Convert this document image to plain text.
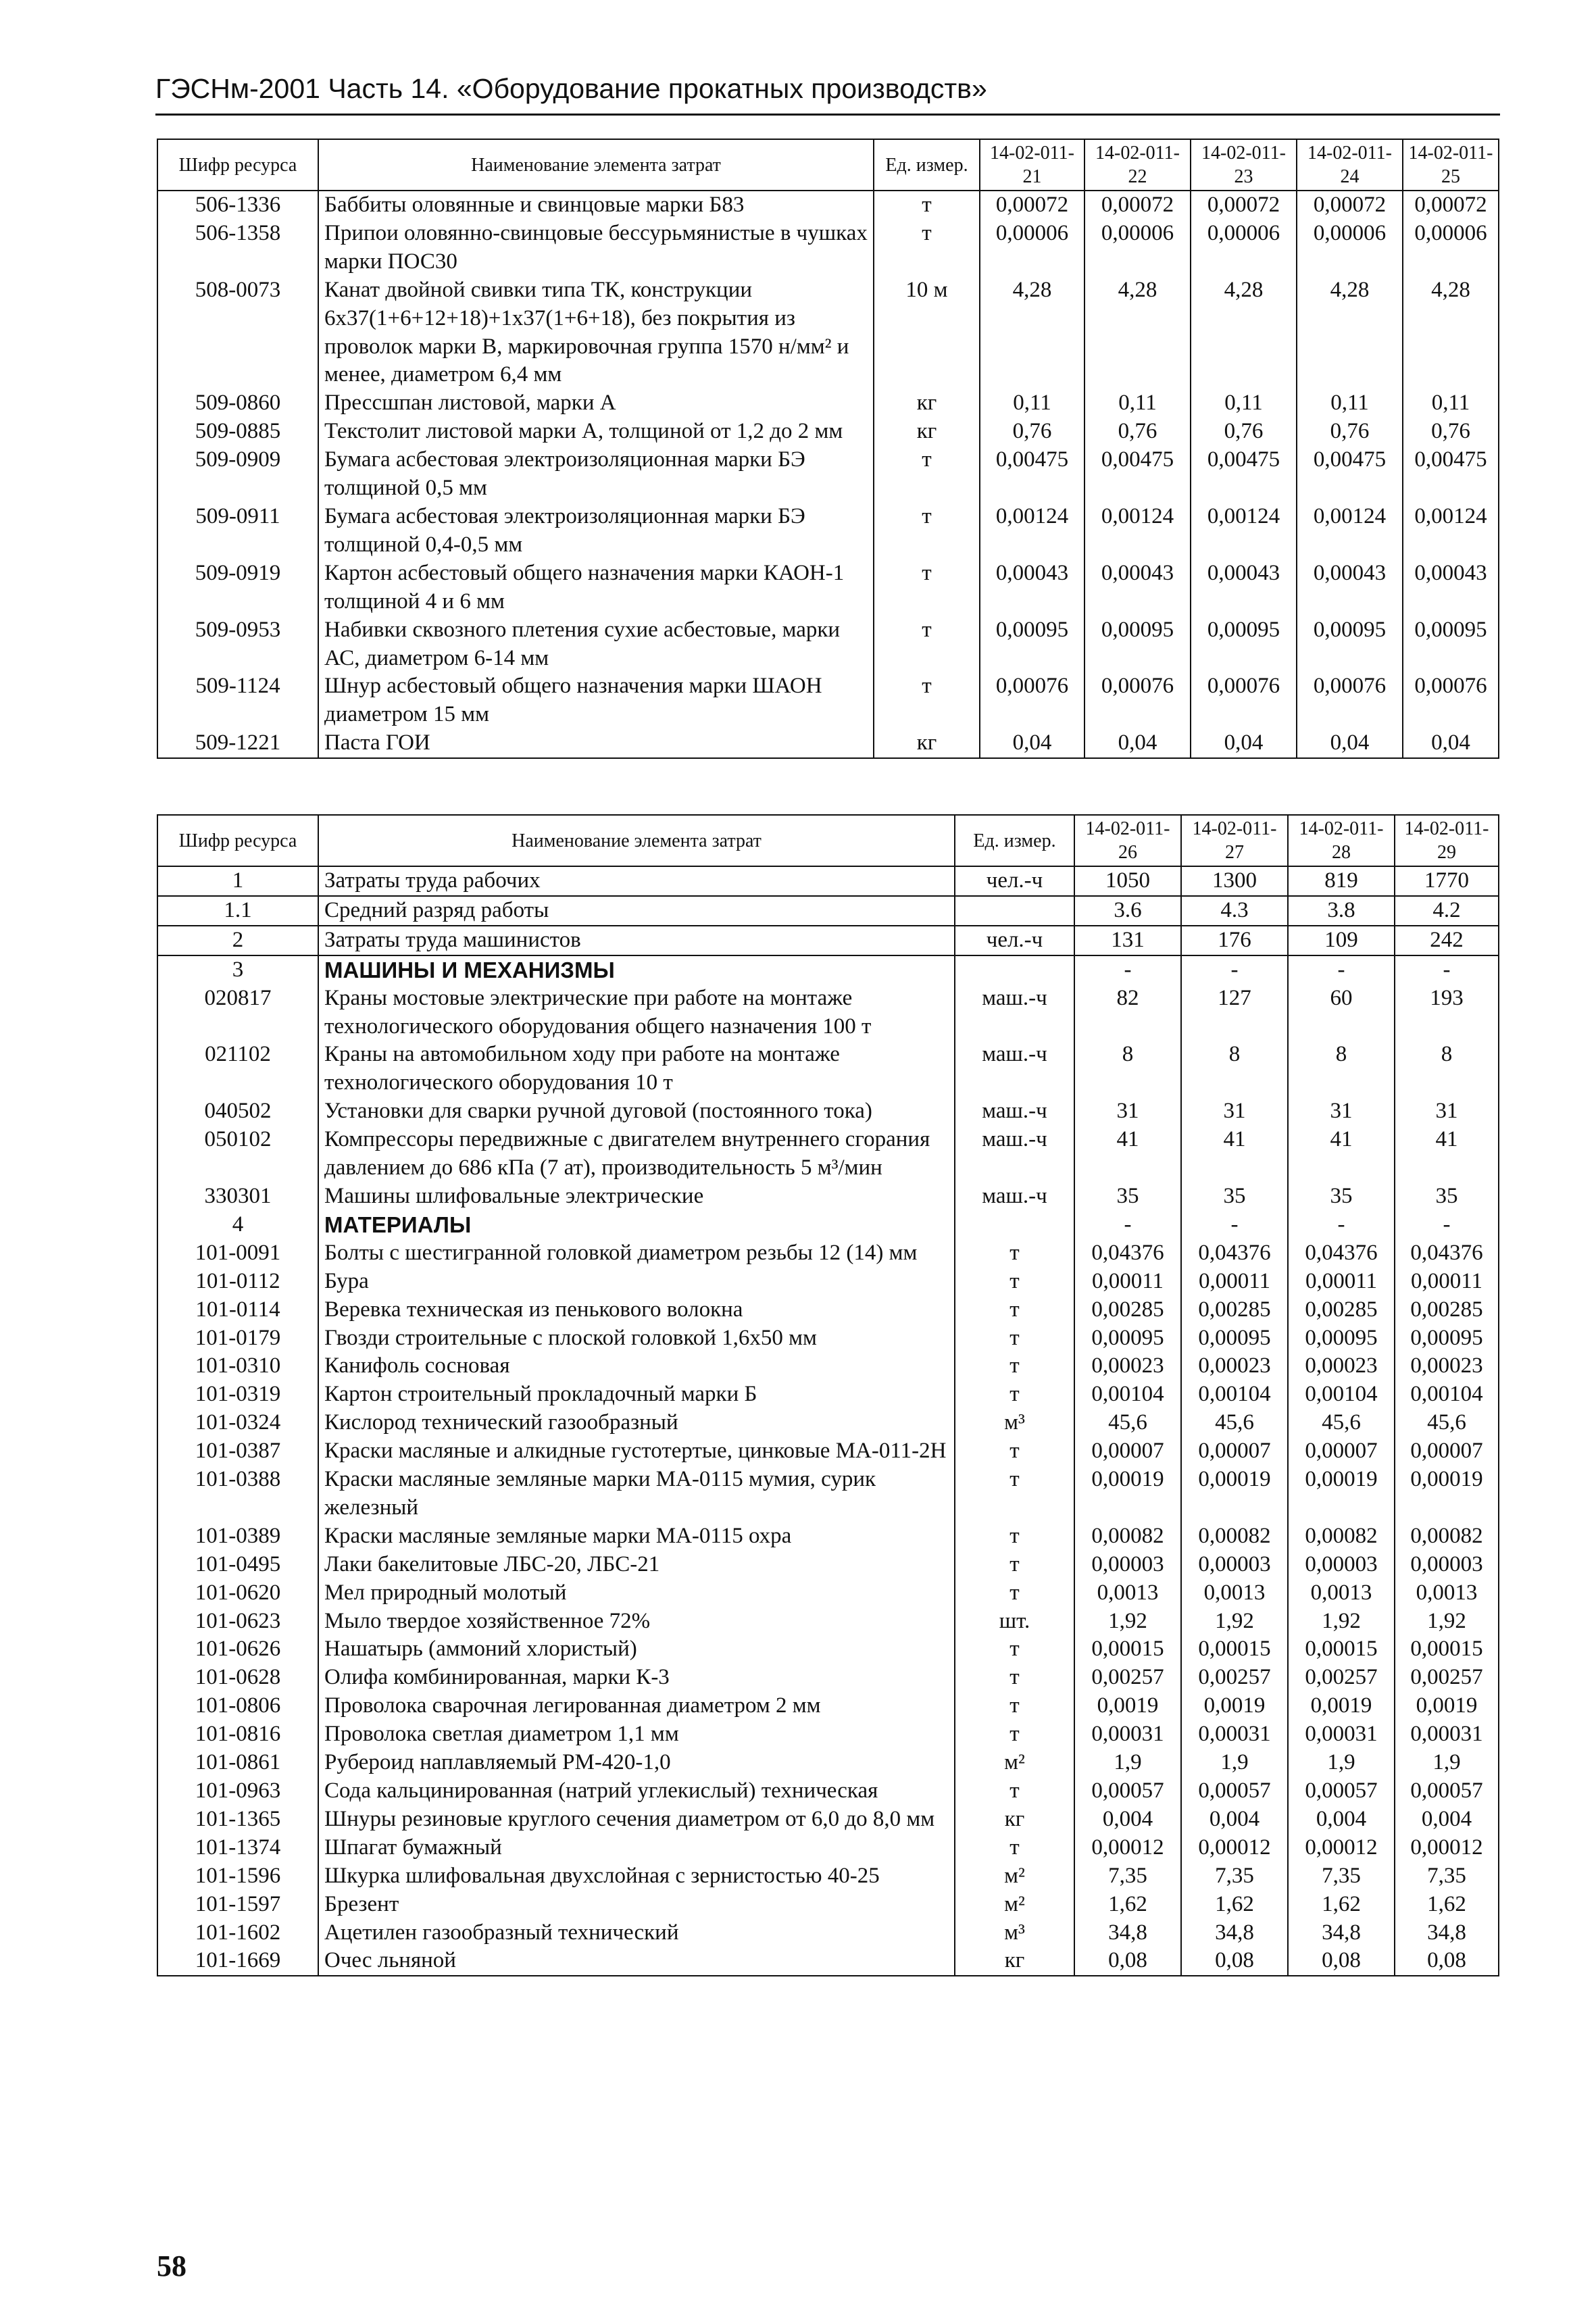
ГЭСНм-2001 Часть 14. «Оборудование прокатных производств»
Шифр ресурса	Наименование элемента затрат	Ед. измер.	14-02-011-21	14-02-011-22	14-02-011-23	14-02-011-24	14-02-011-25
506-1336	Баббиты оловянные и свинцовые марки Б83	т	0,00072	0,00072	0,00072	0,00072	0,00072
506-1358	Припои оловянно-свинцовые бессурьмянистые в чушках марки ПОС30	т	0,00006	0,00006	0,00006	0,00006	0,00006
508-0073	Канат двойной свивки типа ТК, конструкции 6x37(1+6+12+18)+1x37(1+6+18), без покрытия из проволок марки В, маркировочная группа 1570 н/мм² и менее, диаметром 6,4 мм	10 м	4,28	4,28	4,28	4,28	4,28
509-0860	Прессшпан листовой, марки А	кг	0,11	0,11	0,11	0,11	0,11
509-0885	Текстолит листовой марки А, толщиной от 1,2 до 2 мм	кг	0,76	0,76	0,76	0,76	0,76
509-0909	Бумага асбестовая электроизоляционная марки БЭ толщиной 0,5 мм	т	0,00475	0,00475	0,00475	0,00475	0,00475
509-0911	Бумага асбестовая электроизоляционная марки БЭ толщиной 0,4-0,5 мм	т	0,00124	0,00124	0,00124	0,00124	0,00124
509-0919	Картон асбестовый общего назначения марки КАОН-1 толщиной 4 и 6 мм	т	0,00043	0,00043	0,00043	0,00043	0,00043
509-0953	Набивки сквозного плетения сухие асбестовые, марки АС, диаметром 6-14 мм	т	0,00095	0,00095	0,00095	0,00095	0,00095
509-1124	Шнур асбестовый общего назначения марки ШАОН диаметром 15 мм	т	0,00076	0,00076	0,00076	0,00076	0,00076
509-1221	Паста ГОИ	кг	0,04	0,04	0,04	0,04	0,04
Шифр ресурса	Наименование элемента затрат	Ед. измер.	14-02-011-26	14-02-011-27	14-02-011-28	14-02-011-29
1	Затраты труда рабочих	чел.-ч	1050	1300	819	1770
1.1	Средний разряд работы		3.6	4.3	3.8	4.2
2	Затраты труда машинистов	чел.-ч	131	176	109	242
3	МАШИНЫ И МЕХАНИЗМЫ		-	-	-	-
020817	Краны мостовые электрические при работе на монтаже технологического оборудования общего назначения 100 т	маш.-ч	82	127	60	193
021102	Краны на автомобильном ходу при работе на монтаже технологического оборудования 10 т	маш.-ч	8	8	8	8
040502	Установки для сварки ручной дуговой (постоянного тока)	маш.-ч	31	31	31	31
050102	Компрессоры передвижные с двигателем внутреннего сгорания давлением до 686 кПа (7 ат), производительность 5 м³/мин	маш.-ч	41	41	41	41
330301	Машины шлифовальные электрические	маш.-ч	35	35	35	35
4	МАТЕРИАЛЫ		-	-	-	-
101-0091	Болты с шестигранной головкой диаметром резьбы 12 (14) мм	т	0,04376	0,04376	0,04376	0,04376
101-0112	Бура	т	0,00011	0,00011	0,00011	0,00011
101-0114	Веревка техническая из пенькового волокна	т	0,00285	0,00285	0,00285	0,00285
101-0179	Гвозди строительные с плоской головкой 1,6x50 мм	т	0,00095	0,00095	0,00095	0,00095
101-0310	Канифоль сосновая	т	0,00023	0,00023	0,00023	0,00023
101-0319	Картон строительный прокладочный марки Б	т	0,00104	0,00104	0,00104	0,00104
101-0324	Кислород технический газообразный	м³	45,6	45,6	45,6	45,6
101-0387	Краски масляные и алкидные густотертые, цинковые МА-011-2Н	т	0,00007	0,00007	0,00007	0,00007
101-0388	Краски масляные земляные марки МА-0115 мумия, сурик железный	т	0,00019	0,00019	0,00019	0,00019
101-0389	Краски масляные земляные марки МА-0115 охра	т	0,00082	0,00082	0,00082	0,00082
101-0495	Лаки бакелитовые ЛБС-20, ЛБС-21	т	0,00003	0,00003	0,00003	0,00003
101-0620	Мел природный молотый	т	0,0013	0,0013	0,0013	0,0013
101-0623	Мыло твердое хозяйственное 72%	шт.	1,92	1,92	1,92	1,92
101-0626	Нашатырь (аммоний хлористый)	т	0,00015	0,00015	0,00015	0,00015
101-0628	Олифа комбинированная, марки К-3	т	0,00257	0,00257	0,00257	0,00257
101-0806	Проволока сварочная легированная диаметром 2 мм	т	0,0019	0,0019	0,0019	0,0019
101-0816	Проволока светлая диаметром 1,1 мм	т	0,00031	0,00031	0,00031	0,00031
101-0861	Рубероид наплавляемый РМ-420-1,0	м²	1,9	1,9	1,9	1,9
101-0963	Сода кальцинированная (натрий углекислый) техническая	т	0,00057	0,00057	0,00057	0,00057
101-1365	Шнуры резиновые круглого сечения диаметром от 6,0 до 8,0 мм	кг	0,004	0,004	0,004	0,004
101-1374	Шпагат бумажный	т	0,00012	0,00012	0,00012	0,00012
101-1596	Шкурка шлифовальная двухслойная с зернистостью 40-25	м²	7,35	7,35	7,35	7,35
101-1597	Брезент	м²	1,62	1,62	1,62	1,62
101-1602	Ацетилен газообразный технический	м³	34,8	34,8	34,8	34,8
101-1669	Очес льняной	кг	0,08	0,08	0,08	0,08
58
